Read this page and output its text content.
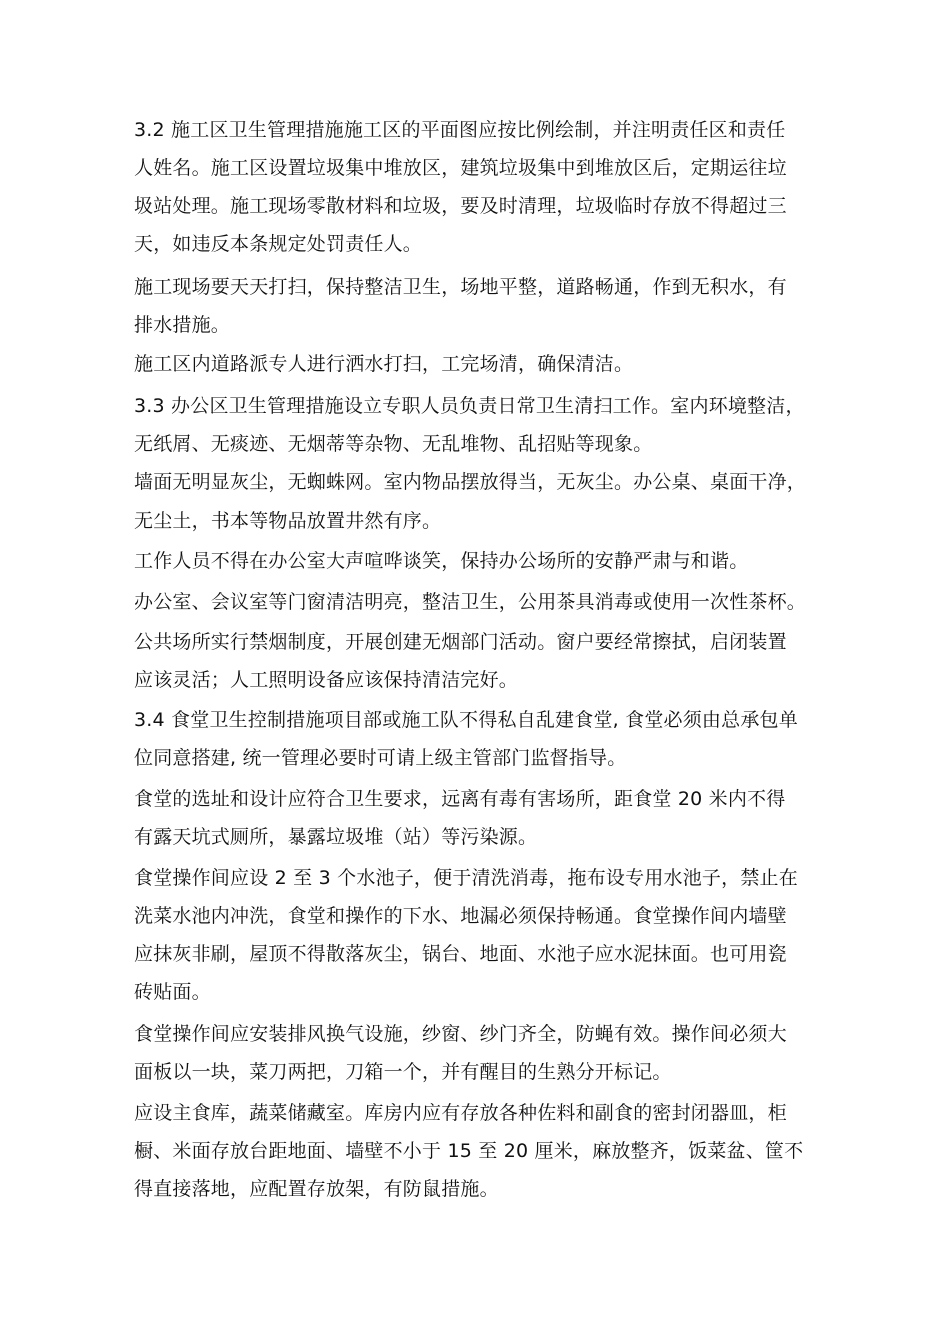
3.2 施工区卫生管理措施施工区的平面图应按比例绘制，并注明责任区和责任
人姓名。施工区设置垃圾集中堆放区，建筑垃圾集中到堆放区后，定期运往垃
圾站处理。施工现场零散材料和垃圾，要及时清理，垃圾临时存放不得超过三
天，如违反本条规定处罚责任人。
施工现场要天天打扫，保持整洁卫生，场地平整，道路畅通，作到无积水，有
排水措施。
施工区内道路派专人进行洒水打扫，工完场清，确保清洁。
3.3 办公区卫生管理措施设立专职人员负责日常卫生清扫工作。室内环境整洁，
无纸屑、无痰迹、无烟蒂等杂物、无乱堆物、乱招贴等现象。
墙面无明显灰尘，无蜘蛛网。室内物品摆放得当，无灰尘。办公桌、桌面干净，
无尘土，书本等物品放置井然有序。
工作人员不得在办公室大声喧哗谈笑，保持办公场所的安静严肃与和谐。
办公室、会议室等门窗清洁明亮，整洁卫生，公用茶具消毒或使用一次性茶杯。
公共场所实行禁烟制度，开展创建无烟部门活动。窗户要经常擦拭，启闭装置
应该灵活；人工照明设备应该保持清洁完好。
3.4 食堂卫生控制措施项目部或施工队不得私自乱建食堂, 食堂必须由总承包单
位同意搭建, 统一管理必要时可请上级主管部门监督指导。
食堂的选址和设计应符合卫生要求，远离有毒有害场所，距食堂 20 米内不得
有露天坑式厕所，暴露垃圾堆（站）等污染源。
食堂操作间应设 2 至 3 个水池子，便于清洗消毒，拖布设专用水池子，禁止在
洗菜水池内冲洗，食堂和操作的下水、地漏必须保持畅通。食堂操作间内墙壁
应抹灰非刷，屋顶不得散落灰尘，锅台、地面、水池子应水泥抹面。也可用瓷
砖贴面。
食堂操作间应安装排风换气设施，纱窗、纱门齐全，防蝇有效。操作间必须大
面板以一块，菜刀两把，刀箱一个，并有醒目的生熟分开标记。
应设主食库，蔬菜储藏室。库房内应有存放各种佐料和副食的密封闭器皿，柜
橱、米面存放台距地面、墙壁不小于 15 至 20 厘米，麻放整齐，饭菜盆、筐不
得直接落地，应配置存放架，有防鼠措施。
